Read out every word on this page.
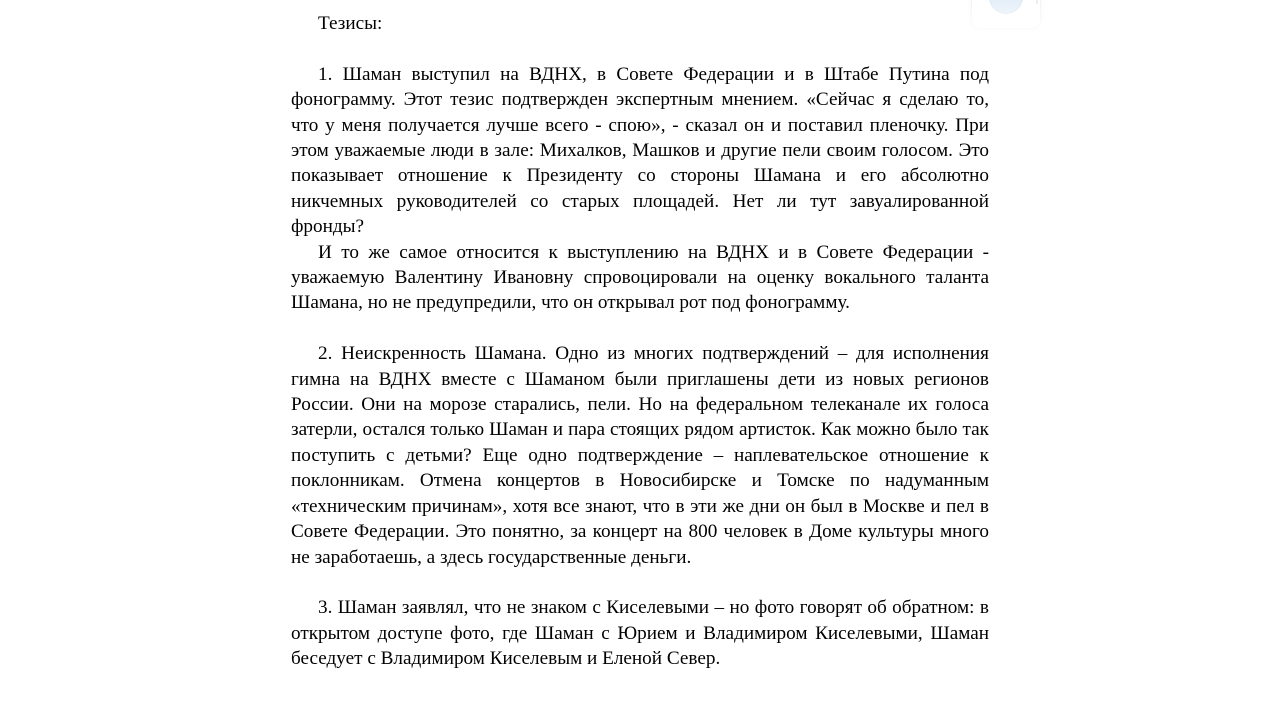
Тезисы:

1. Шаман выступил на ВДНХ, в Совете Федерации и в Штабе Путина под фонограмму. Этот тезис подтвержден экспертным мнением. «Сейчас я сделаю то, что у меня получается лучше всего - спою», - сказал он и поставил пленочку. При этом уважаемые люди в зале: Михалков, Машков и другие пели своим голосом. Это показывает отношение к Президенту со стороны Шамана и его абсолютно никчемных руководителей со старых площадей. Нет ли тут завуалированной фронды?

И то же самое относится к выступлению на ВДНХ и в Совете Федерации - уважаемую Валентину Ивановну спровоцировали на оценку вокального таланта Шамана, но не предупредили, что он открывал рот под фонограмму.

2. Неискренность Шамана. Одно из многих подтверждений – для исполнения гимна на ВДНХ вместе с Шаманом были приглашены дети из новых регионов России. Они на морозе старались, пели. Но на федеральном телеканале их голоса затерли, остался только Шаман и пара стоящих рядом артисток. Как можно было так поступить с детьми? Еще одно подтверждение – наплевательское отношение к поклонникам. Отмена концертов в Новосибирске и Томске по надуманным «техническим причинам», хотя все знают, что в эти же дни он был в Москве и пел в Совете Федерации. Это понятно, за концерт на 800 человек в Доме культуры много не заработаешь, а здесь государственные деньги.

3. Шаман заявлял, что не знаком с Киселевыми – но фото говорят об обратном: в открытом доступе фото, где Шаман с Юрием и Владимиром Киселевыми, Шаман беседует с Владимиром Киселевым и Еленой Север.
